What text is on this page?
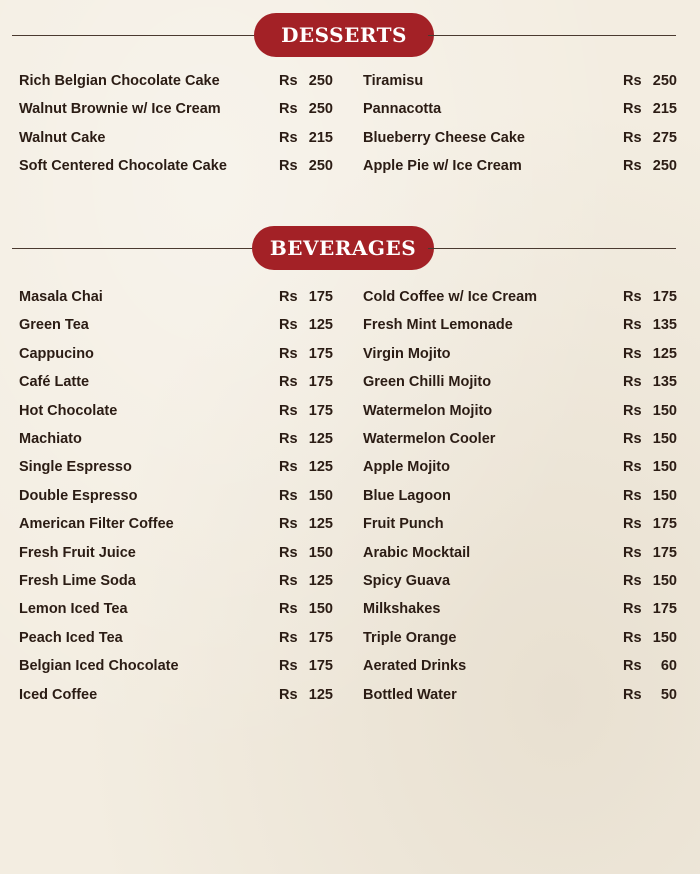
DESSERTS
Rich Belgian Chocolate Cake	Rs 250 Tiramisu	Rs 250
Walnut Brownie w/ Ice Cream	Rs 250 Pannacotta	Rs 215
Walnut Cake	Rs 215 Blueberry Cheese Cake	Rs 275
Soft Centered Chocolate Cake	Rs 250 Apple Pie w/ Ice Cream	Rs 250
BEVERAGES
Masala Chai	Rs 175 Cold Coffee w/ Ice Cream	Rs 175
Green Tea	Rs 125 Fresh Mint Lemonade	Rs 135
Cappucino	Rs 175 Virgin Mojito	Rs 125
Café Latte	Rs 175 Green Chilli Mojito	Rs 135
Hot Chocolate	Rs 175 Watermelon Mojito	Rs 150
Machiato	Rs 125 Watermelon Cooler	Rs 150
Single Espresso	Rs 125 Apple Mojito	Rs 150
Double Espresso	Rs 150 Blue Lagoon	Rs 150
American Filter Coffee	Rs 125 Fruit Punch	Rs 175
Fresh Fruit Juice	Rs 150 Arabic Mocktail	Rs 175
Fresh Lime Soda	Rs 125 Spicy Guava	Rs 150
Lemon Iced Tea	Rs 150 Milkshakes	Rs 175
Peach Iced Tea	Rs 175 Triple Orange	Rs 150
Belgian Iced Chocolate	Rs 175 Aerated Drinks	Rs	60
Iced Coffee	Rs 125 Bottled Water	Rs	50
